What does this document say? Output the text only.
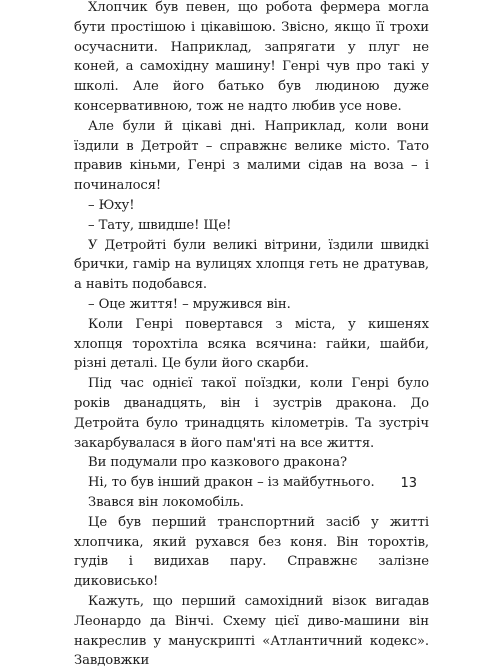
Хлопчик був певен, що робота фермера могла бути простішою і цікавішою. Звісно, якщо її трохи осучаснити. Наприклад, запрягати у плуг не коней, а самохідну машину! Генрі чув про такі у школі. Але його батько був людиною дуже консервативною, тож не надто любив усе нове.

Але були й цікаві дні. Наприклад, коли вони їздили в Детройт – справжнє велике місто. Тато правив кіньми, Генрі з малими сідав на воза – і починалося!

– Юху!

– Тату, швидше! Ще!

У Детройті були великі вітрини, їздили швидкі брички, гамір на вулицях хлопця геть не дратував, а навіть подобався.

– Оце життя! – мружився він.

Коли Генрі повертався з міста, у кишенях хлопця торохтіла всяка всячина: гайки, шайби, різні деталі. Це були його скарби.

Під час однієї такої поїздки, коли Генрі було років дванадцять, він і зустрів дракона. До Детройта було тринадцять кілометрів. Та зустріч закарбувалася в його пам'яті на все життя.

Ви подумали про казкового дракона?

Ні, то був інший дракон – із майбутнього.

Звався він локомобіль.

Це був перший транспортний засіб у житті хлопчика, який рухався без коня. Він торохтів, гудів і видихав пару. Справжнє залізне диковисько!

Кажуть, що перший самохідний візок вигадав Леонардо да Вінчі. Схему цієї диво-машини він накреслив у манускрипті «Атлантичний кодекс». Завдовжки

13
